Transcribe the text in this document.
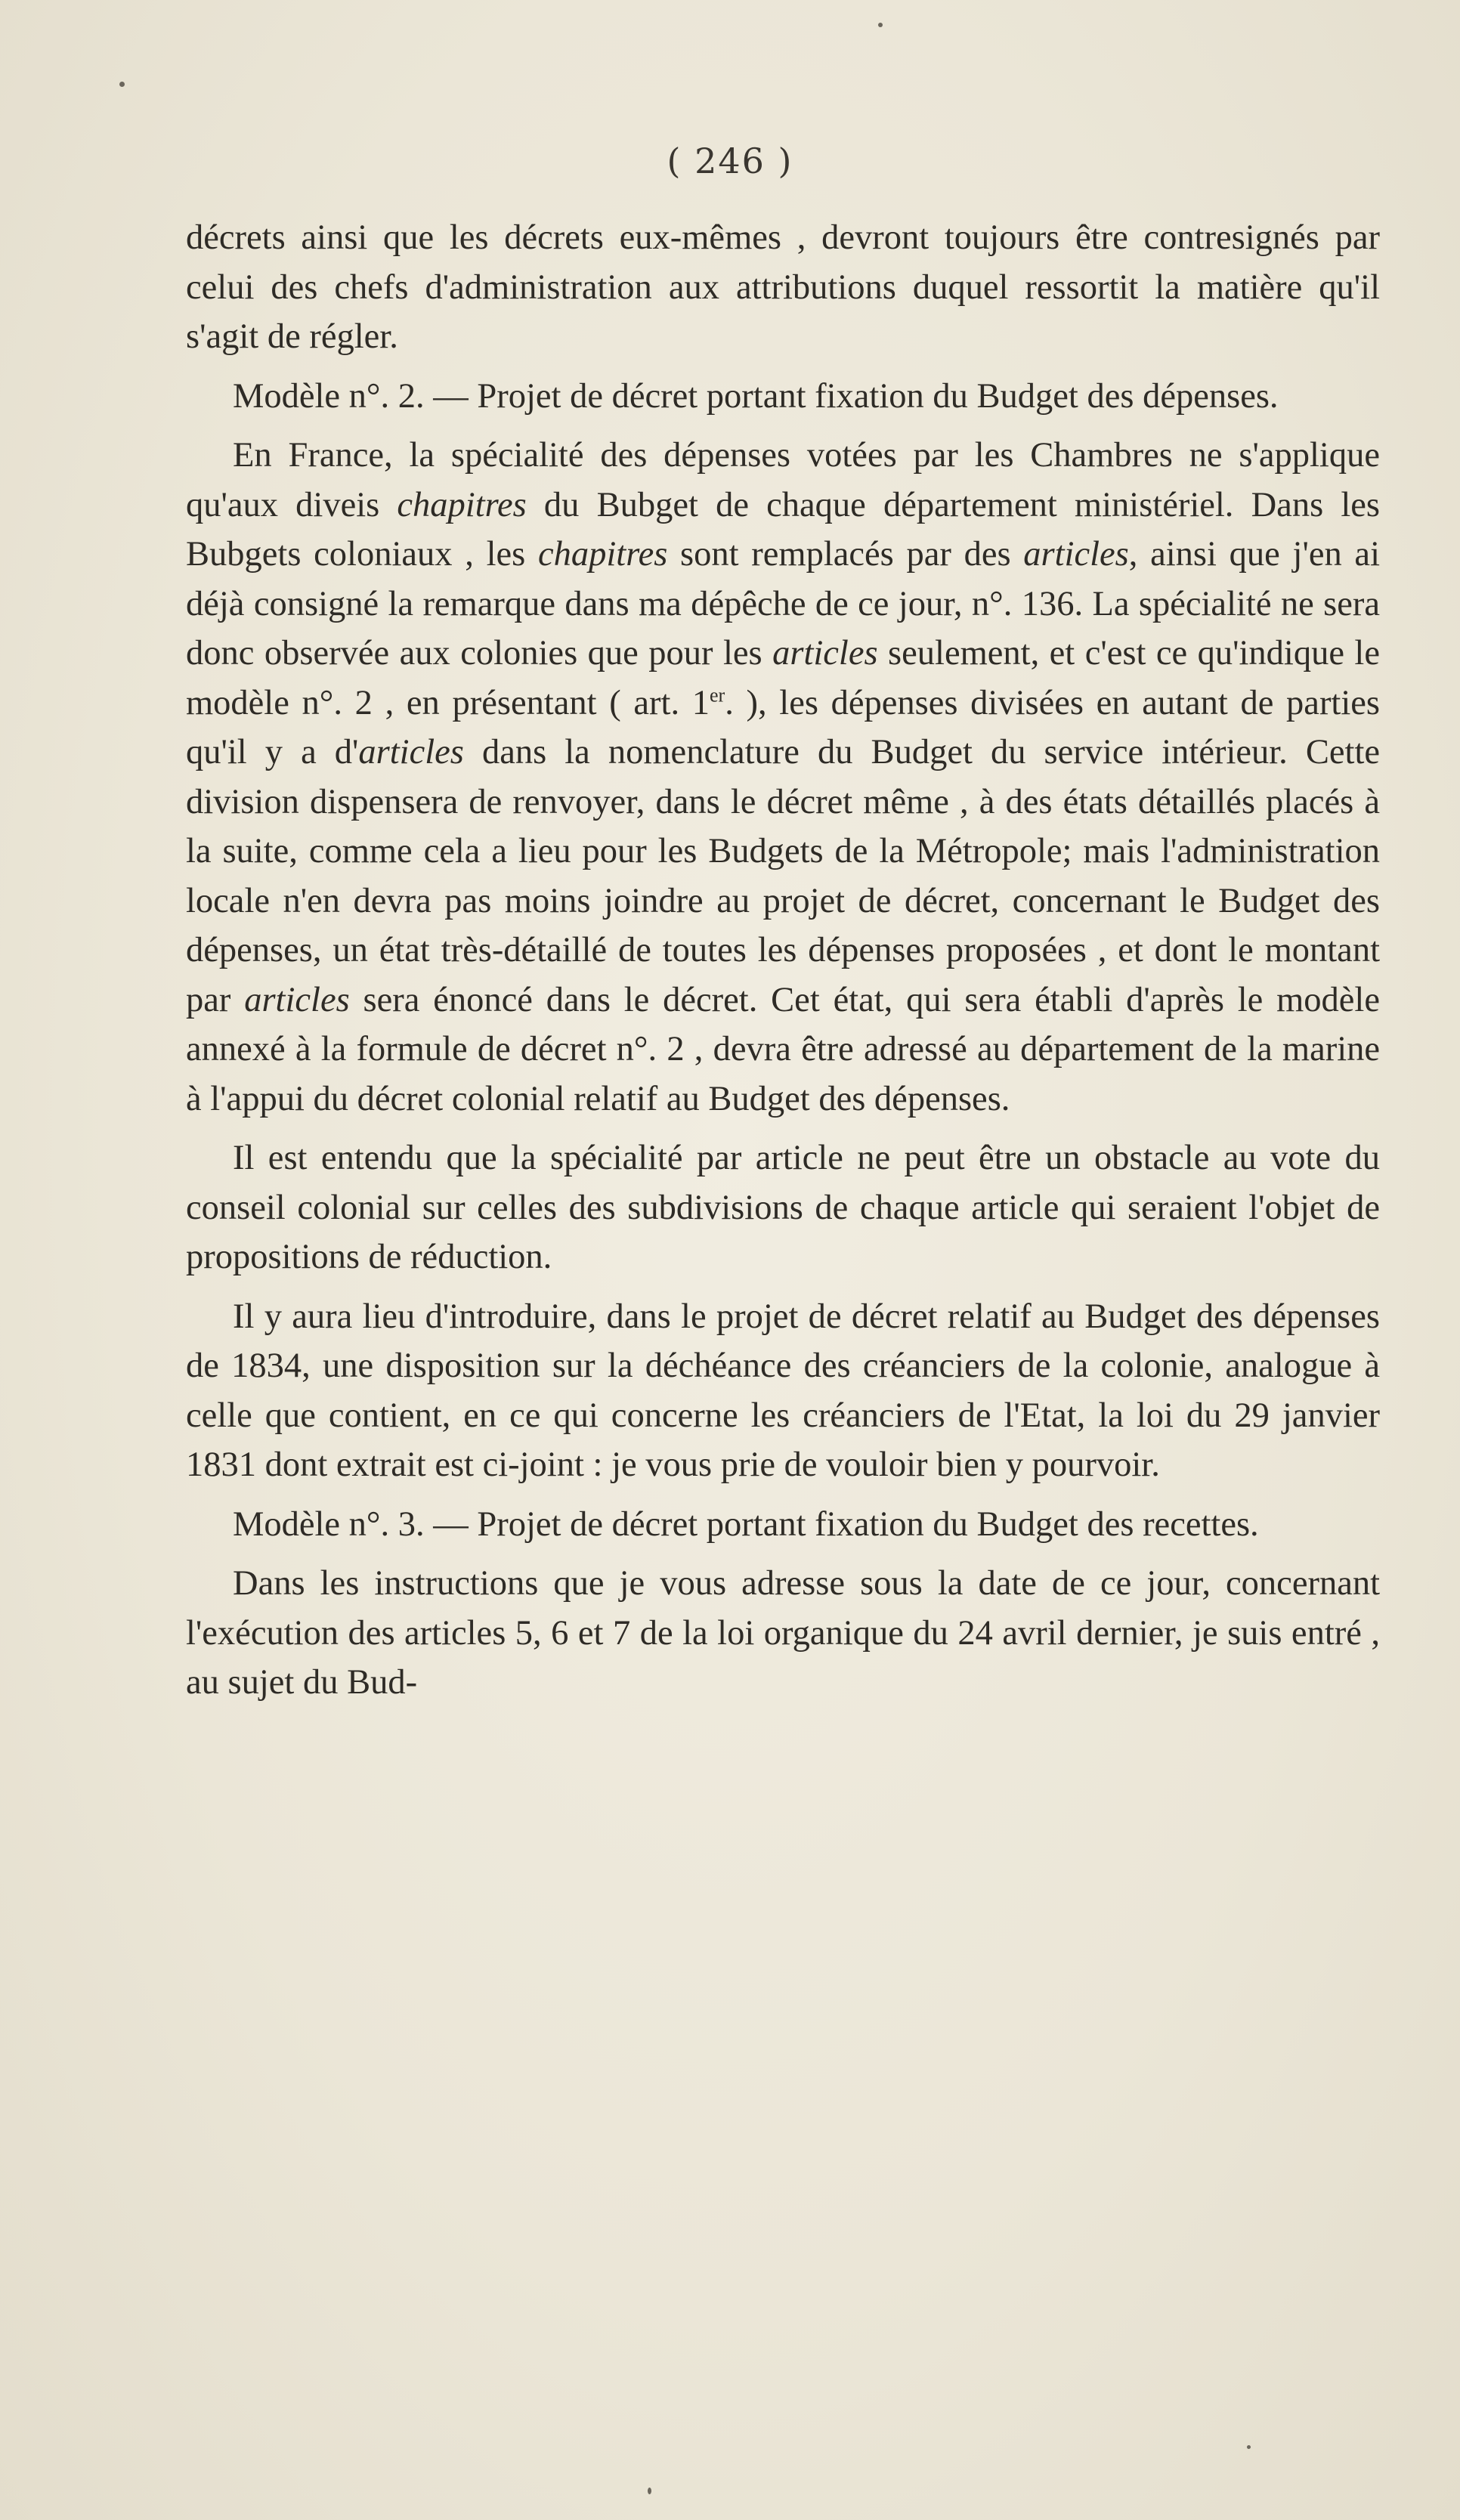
( 246 )

décrets ainsi que les décrets eux-mêmes , devront toujours être contresignés par celui des chefs d'administration aux attributions duquel ressortit la matière qu'il s'agit de régler.

Modèle n°. 2. — Projet de décret portant fixation du Budget des dépenses.

En France, la spécialité des dépenses votées par les Chambres ne s'applique qu'aux diveis chapitres du Bubget de chaque département ministériel. Dans les Bubgets coloniaux , les chapitres sont remplacés par des articles, ainsi que j'en ai déjà consigné la remarque dans ma dépêche de ce jour, n°. 136. La spécialité ne sera donc observée aux colonies que pour les articles seulement, et c'est ce qu'indique le modèle n°. 2 , en présentant ( art. 1er. ), les dépenses divisées en autant de parties qu'il y a d'articles dans la nomenclature du Budget du service intérieur. Cette division dispensera de renvoyer, dans le décret même , à des états détaillés placés à la suite, comme cela a lieu pour les Budgets de la Métropole; mais l'administration locale n'en devra pas moins joindre au projet de décret, concernant le Budget des dépenses, un état très-détaillé de toutes les dépenses proposées , et dont le montant par articles sera énoncé dans le décret. Cet état, qui sera établi d'après le modèle annexé à la formule de décret n°. 2 , devra être adressé au département de la marine à l'appui du décret colonial relatif au Budget des dépenses.

Il est entendu que la spécialité par article ne peut être un obstacle au vote du conseil colonial sur celles des subdivisions de chaque article qui seraient l'objet de propositions de réduction.

Il y aura lieu d'introduire, dans le projet de décret relatif au Budget des dépenses de 1834, une disposition sur la déchéance des créanciers de la colonie, analogue à celle que contient, en ce qui concerne les créanciers de l'Etat, la loi du 29 janvier 1831 dont extrait est ci-joint : je vous prie de vouloir bien y pourvoir.

Modèle n°. 3. — Projet de décret portant fixation du Budget des recettes.

Dans les instructions que je vous adresse sous la date de ce jour, concernant l'exécution des articles 5, 6 et 7 de la loi organique du 24 avril dernier, je suis entré , au sujet du Bud-
